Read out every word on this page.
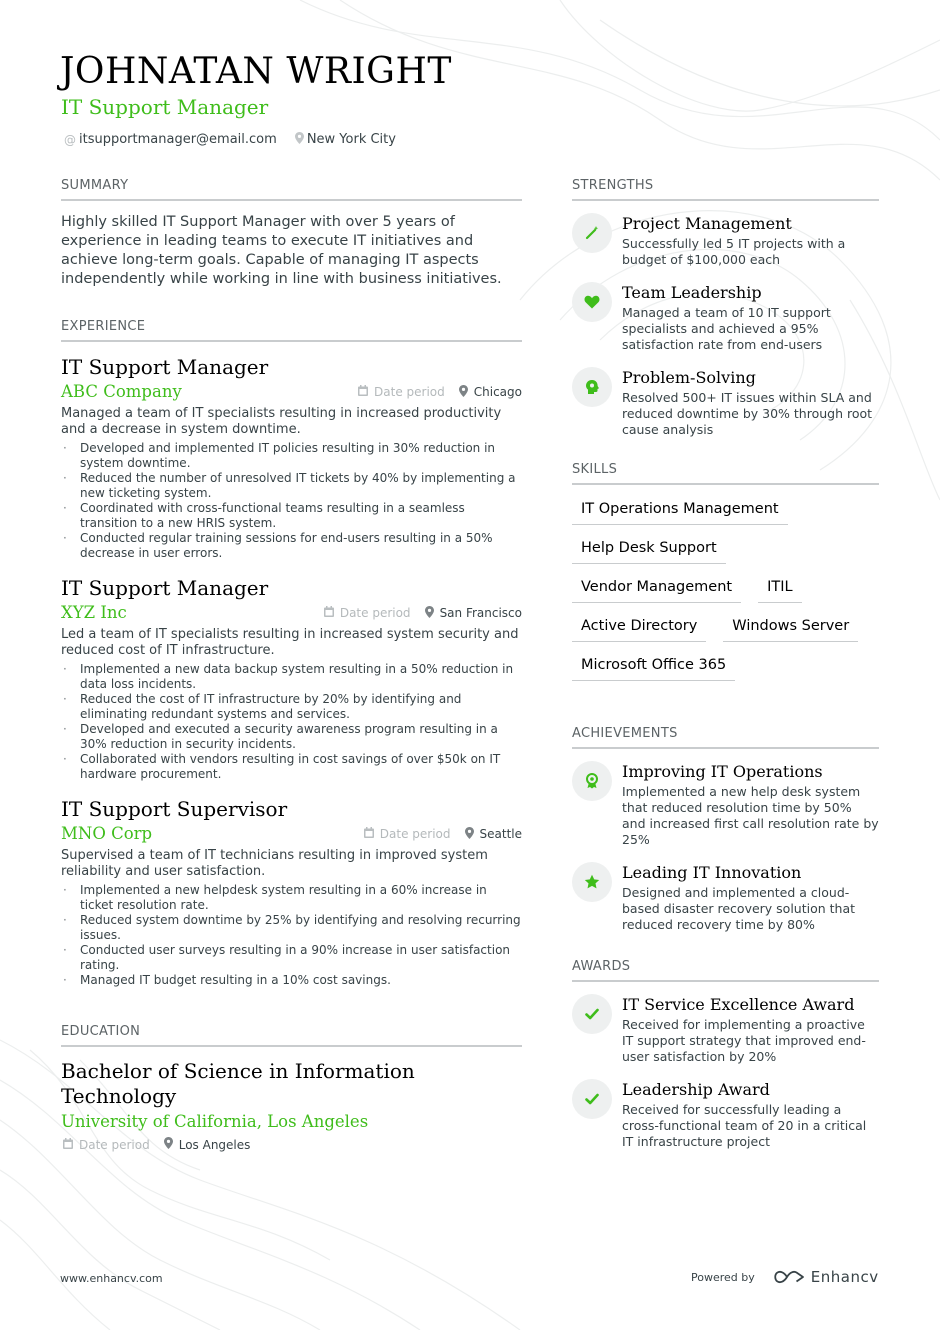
JOHNATAN WRIGHT
IT Support Manager
@ itsupportmanager@email.com New York City
SUMMARY
Highly skilled IT Support Manager with over 5 years of experience in leading teams to execute IT initiatives and achieve long-term goals. Capable of managing IT aspects independently while working in line with business initiatives.
EXPERIENCE
IT Support Manager
ABC Company	Date period Chicago
Managed a team of IT specialists resulting in increased productivity and a decrease in system downtime.
· Developed and implemented IT policies resulting in 30% reduction in system downtime.
· Reduced the number of unresolved IT tickets by 40% by implementing a new ticketing system.
· Coordinated with cross-functional teams resulting in a seamless transition to a new HRIS system.
· Conducted regular training sessions for end-users resulting in a 50% decrease in user errors.
IT Support Manager
XYZ Inc	Date period San Francisco
Led a team of IT specialists resulting in increased system security and reduced cost of IT infrastructure.
· Implemented a new data backup system resulting in a 50% reduction in data loss incidents.
· Reduced the cost of IT infrastructure by 20% by identifying and eliminating redundant systems and services.
· Developed and executed a security awareness program resulting in a 30% reduction in security incidents.
· Collaborated with vendors resulting in cost savings of over $50k on IT hardware procurement.
IT Support Supervisor
MNO Corp	Date period Seattle
Supervised a team of IT technicians resulting in improved system reliability and user satisfaction.
· Implemented a new helpdesk system resulting in a 60% increase in ticket resolution rate.
· Reduced system downtime by 25% by identifying and resolving recurring issues.
· Conducted user surveys resulting in a 90% increase in user satisfaction rating.
· Managed IT budget resulting in a 10% cost savings.
EDUCATION
Bachelor of Science in Information Technology
University of California, Los Angeles
Date period Los Angeles
STRENGTHS
Project Management
Successfully led 5 IT projects with a budget of $100,000 each
Team Leadership
Managed a team of 10 IT support specialists and achieved a 95% satisfaction rate from end-users
Problem-Solving
Resolved 500+ IT issues within SLA and reduced downtime by 30% through root cause analysis
SKILLS
IT Operations Management
Help Desk Support
Vendor Management	ITIL
Active Directory	Windows Server
Microsoft Office 365
ACHIEVEMENTS
Improving IT Operations
Implemented a new help desk system that reduced resolution time by 50% and increased first call resolution rate by 25%
Leading IT Innovation
Designed and implemented a cloud-based disaster recovery solution that reduced recovery time by 80%
AWARDS
IT Service Excellence Award
Received for implementing a proactive IT support strategy that improved end-user satisfaction by 20%
Leadership Award
Received for successfully leading a cross-functional team of 20 in a critical IT infrastructure project
www.enhancv.com	Powered by	Enhancv
